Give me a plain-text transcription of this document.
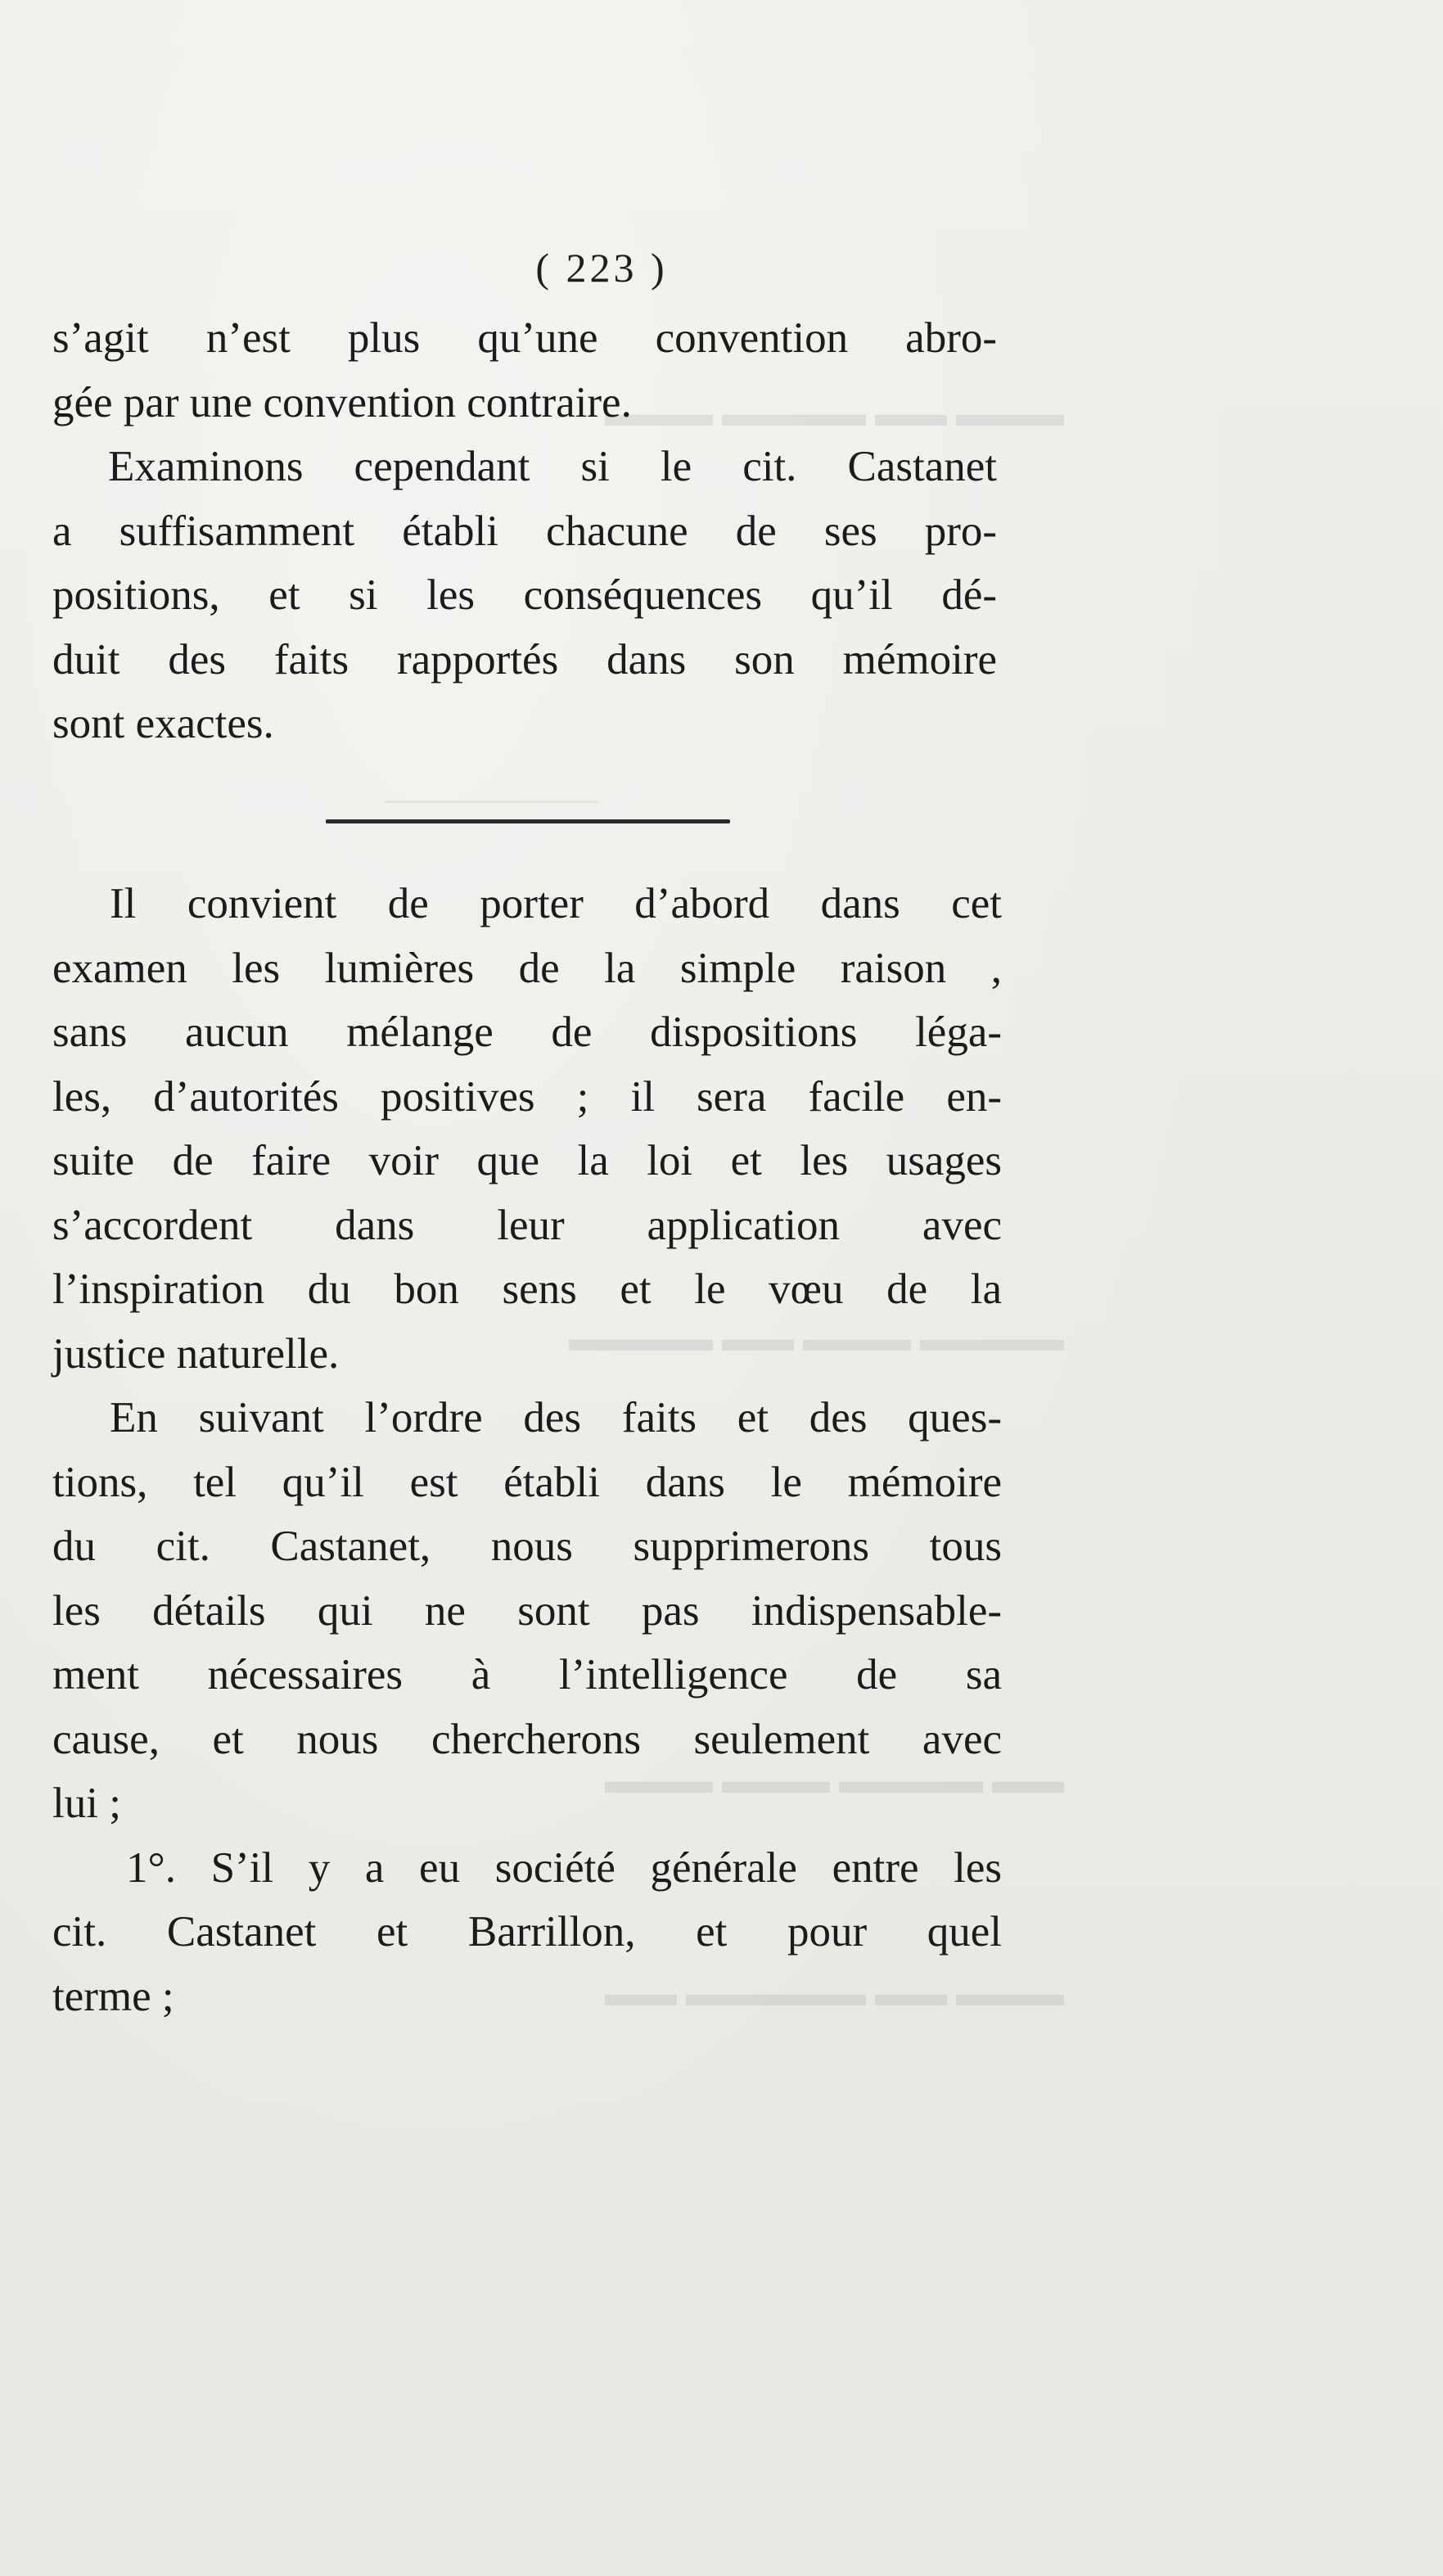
▬▬▬ ▬▬ ▬▬▬▬ ▬▬▬
▬▬▬▬ ▬▬▬ ▬▬ ▬▬▬▬
▬▬ ▬▬▬▬ ▬▬▬ ▬▬▬
▬▬▬ ▬▬ ▬▬▬▬▬ ▬▬
( 223 )
s’agit n’est plus qu’une convention abro-
gée par une convention contraire.
Examinons cependant si le cit. Castanet
a suffisamment établi chacune de ses pro-
positions, et si les conséquences qu’il dé-
duit des faits rapportés dans son mémoire
sont exactes.
Il convient de porter d’abord dans cet
examen les lumières de la simple raison ,
sans aucun mélange de dispositions léga-
les, d’autorités positives ; il sera facile en-
suite de faire voir que la loi et les usages
s’accordent dans leur application avec
l’inspiration du bon sens et le vœu de la
justice naturelle.
En suivant l’ordre des faits et des ques-
tions, tel qu’il est établi dans le mémoire
du cit. Castanet, nous supprimerons tous
les détails qui ne sont pas indispensable-
ment nécessaires à l’intelligence de sa
cause, et nous chercherons seulement avec
lui ;
1°. S’il y a eu société générale entre les
cit. Castanet et Barrillon, et pour quel
terme ;
